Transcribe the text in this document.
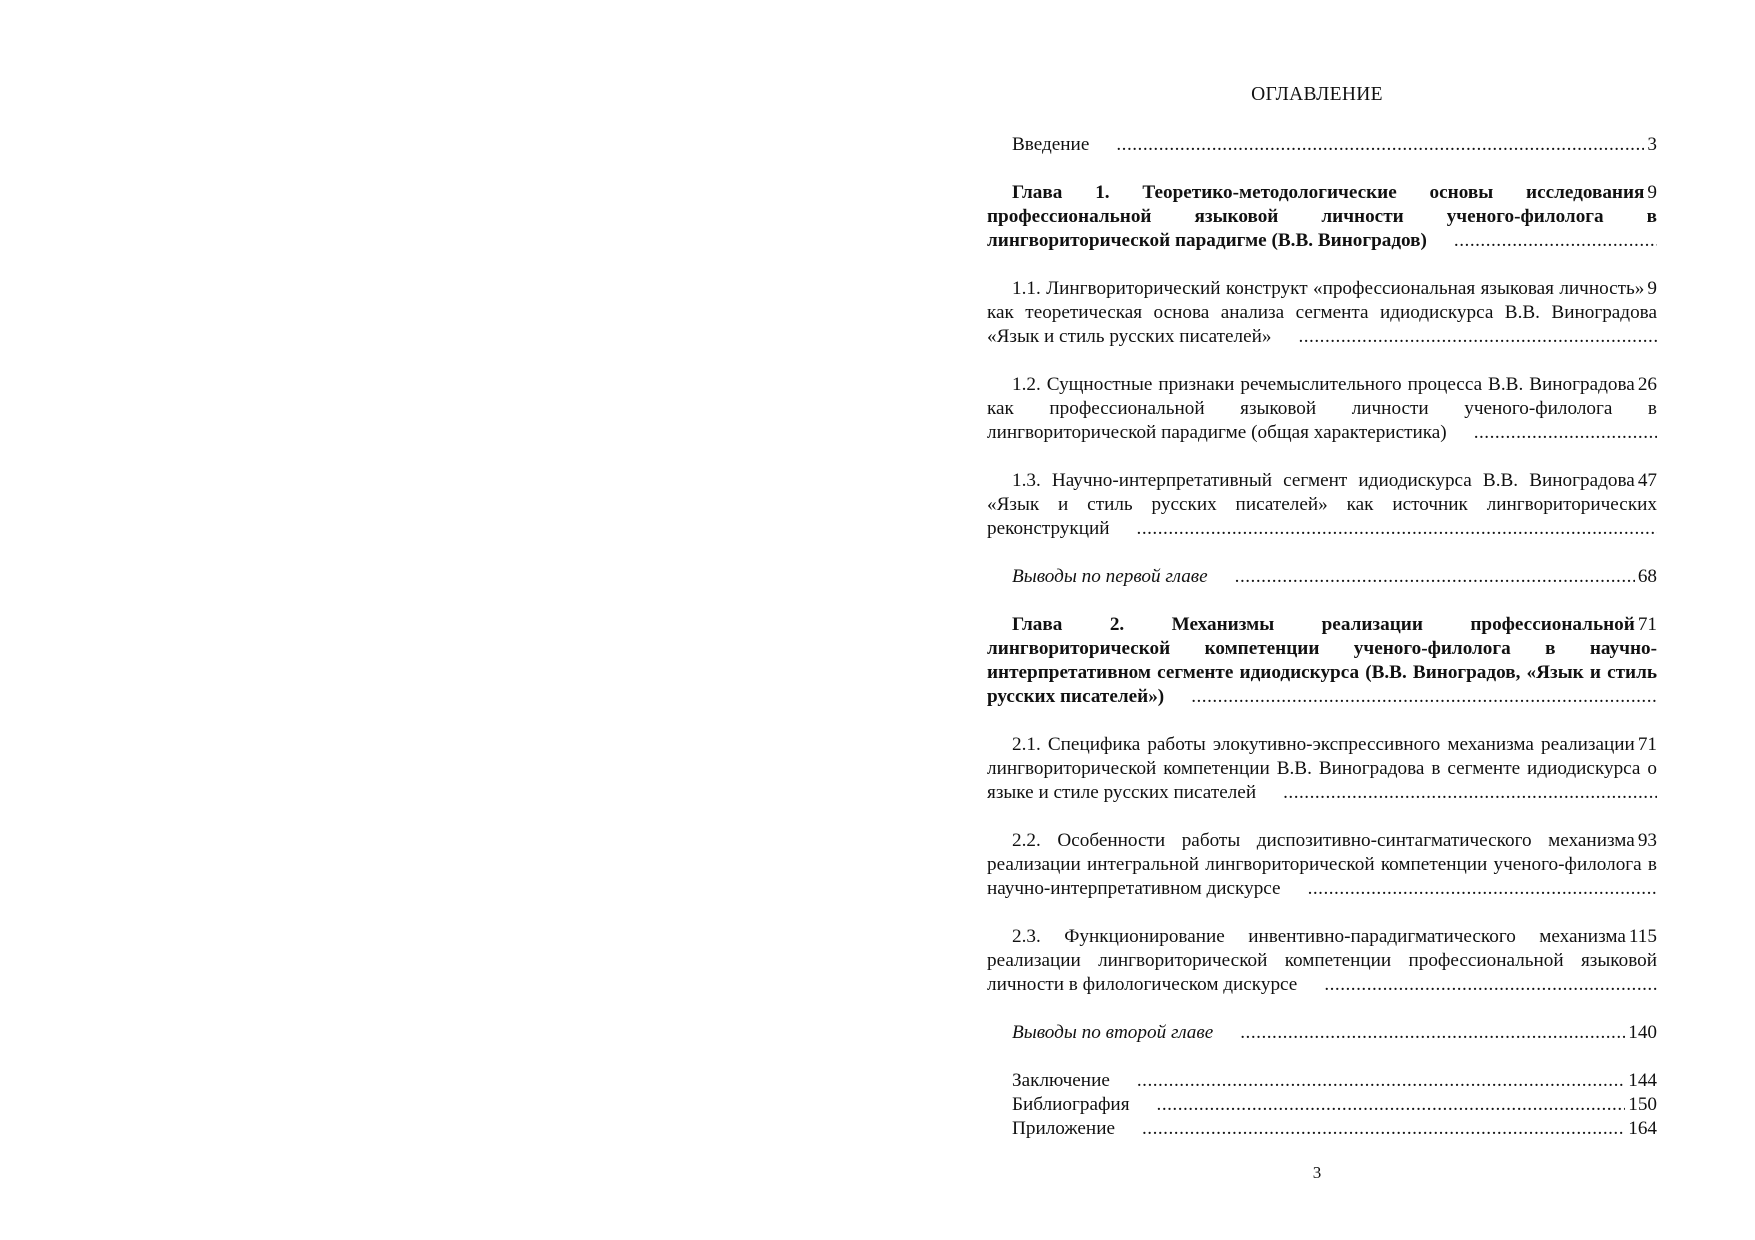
ОГЛАВЛЕНИЕ
3
Введение .....
9
Глава 1. Теоретико-методологические основы исследования профессиональной языковой личности ученого-филолога в лингвориторической парадигме (В.В. Виноградов) .....
9
1.1. Лингвориторический конструкт «профессиональная языковая личность» как теоретическая основа анализа сегмента идиодискурса В.В. Виноградова «Язык и стиль русских писателей» .....
26
1.2. Сущностные признаки речемыслительного процесса В.В. Виноградова как профессиональной языковой личности ученого-филолога в лингвориторической парадигме (общая характеристика) .....
47
1.3. Научно-интерпретативный сегмент идиодискурса В.В. Виноградова «Язык и стиль русских писателей» как источник лингвориторических реконструкций .....
68
Выводы по первой главе .....
71
Глава 2. Механизмы реализации профессиональной лингвориторической компетенции ученого-филолога в научно-интерпретативном сегменте идиодискурса (В.В. Виноградов, «Язык и стиль русских писателей») .....
71
2.1. Специфика работы элокутивно-экспрессивного механизма реализации лингвориторической компетенции В.В. Виноградова в сегменте идиодискурса о языке и стиле русских писателей .....
93
2.2. Особенности работы диспозитивно-синтагматического механизма реализации интегральной лингвориторической компетенции ученого-филолога в научно-интерпретативном дискурсе .....
115
2.3. Функционирование инвентивно-парадигматического механизма реализации лингвориторической компетенции профессиональной языковой личности в филологическом дискурсе .....
140
Выводы по второй главе .....
144
Заключение .....
150
Библиография .....
164
Приложение .....
3
